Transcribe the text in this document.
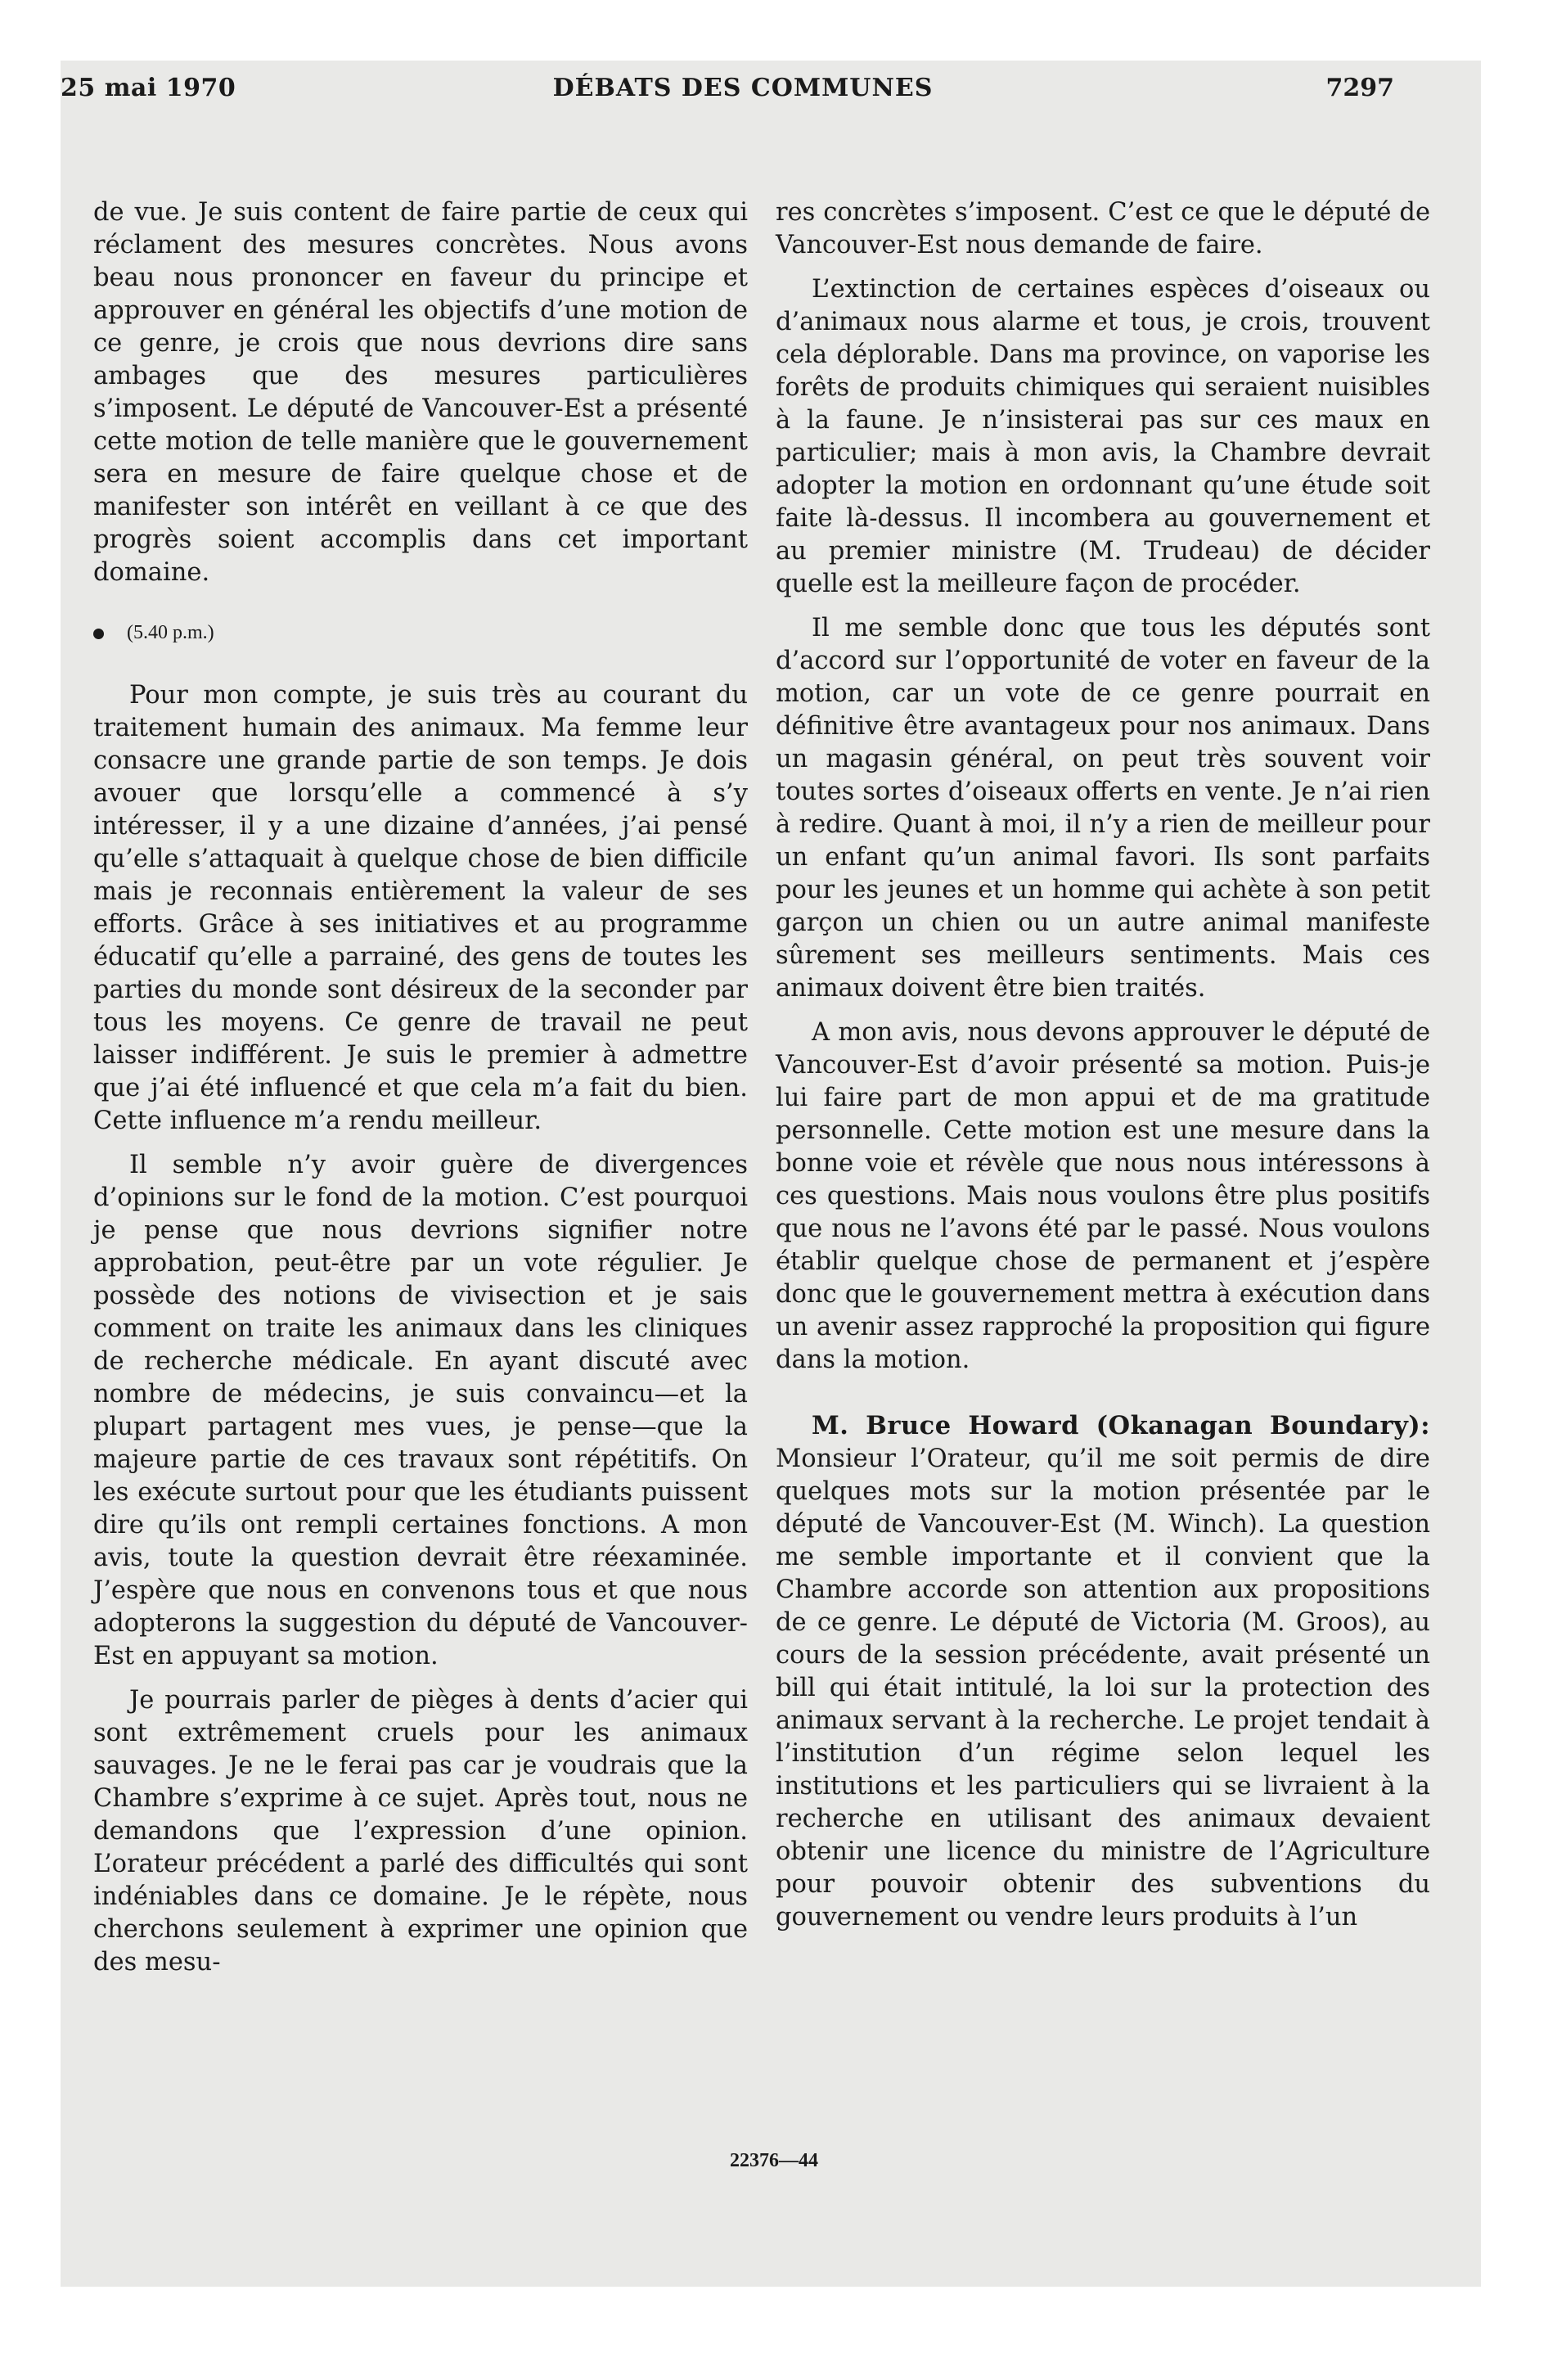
25 mai 1970	DÉBATS DES COMMUNES	7297

de vue. Je suis content de faire partie de ceux qui réclament des mesures concrètes. Nous avons beau nous prononcer en faveur du principe et approuver en général les objectifs d’une motion de ce genre, je crois que nous devrions dire sans ambages que des mesures particulières s’imposent. Le député de Vancouver-Est a présenté cette motion de telle manière que le gouvernement sera en mesure de faire quelque chose et de manifester son intérêt en veillant à ce que des progrès soient accomplis dans cet important domaine.

(5.40 p.m.)

Pour mon compte, je suis très au courant du traitement humain des animaux. Ma femme leur consacre une grande partie de son temps. Je dois avouer que lorsqu’elle a commencé à s’y intéresser, il y a une dizaine d’années, j’ai pensé qu’elle s’attaquait à quelque chose de bien difficile mais je reconnais entièrement la valeur de ses efforts. Grâce à ses initiatives et au programme éducatif qu’elle a parrainé, des gens de toutes les parties du monde sont désireux de la seconder par tous les moyens. Ce genre de travail ne peut laisser indifférent. Je suis le premier à admettre que j’ai été influencé et que cela m’a fait du bien. Cette influence m’a rendu meilleur.

Il semble n’y avoir guère de divergences d’opinions sur le fond de la motion. C’est pourquoi je pense que nous devrions signifier notre approbation, peut-être par un vote régulier. Je possède des notions de vivisection et je sais comment on traite les animaux dans les cliniques de recherche médicale. En ayant discuté avec nombre de médecins, je suis convaincu—et la plupart partagent mes vues, je pense—que la majeure partie de ces travaux sont répétitifs. On les exécute surtout pour que les étudiants puissent dire qu’ils ont rempli certaines fonctions. A mon avis, toute la question devrait être réexaminée. J’espère que nous en convenons tous et que nous adopterons la suggestion du député de Vancouver-Est en appuyant sa motion.

Je pourrais parler de pièges à dents d’acier qui sont extrêmement cruels pour les animaux sauvages. Je ne le ferai pas car je voudrais que la Chambre s’exprime à ce sujet. Après tout, nous ne demandons que l’expression d’une opinion. L’orateur précédent a parlé des difficultés qui sont indéniables dans ce domaine. Je le répète, nous cherchons seulement à exprimer une opinion que des mesu-

res concrètes s’imposent. C’est ce que le député de Vancouver-Est nous demande de faire.

L’extinction de certaines espèces d’oiseaux ou d’animaux nous alarme et tous, je crois, trouvent cela déplorable. Dans ma province, on vaporise les forêts de produits chimiques qui seraient nuisibles à la faune. Je n’insisterai pas sur ces maux en particulier; mais à mon avis, la Chambre devrait adopter la motion en ordonnant qu’une étude soit faite là-dessus. Il incombera au gouvernement et au premier ministre (M. Trudeau) de décider quelle est la meilleure façon de procéder.

Il me semble donc que tous les députés sont d’accord sur l’opportunité de voter en faveur de la motion, car un vote de ce genre pourrait en définitive être avantageux pour nos animaux. Dans un magasin général, on peut très souvent voir toutes sortes d’oiseaux offerts en vente. Je n’ai rien à redire. Quant à moi, il n’y a rien de meilleur pour un enfant qu’un animal favori. Ils sont parfaits pour les jeunes et un homme qui achète à son petit garçon un chien ou un autre animal manifeste sûrement ses meilleurs sentiments. Mais ces animaux doivent être bien traités.

A mon avis, nous devons approuver le député de Vancouver-Est d’avoir présenté sa motion. Puis-je lui faire part de mon appui et de ma gratitude personnelle. Cette motion est une mesure dans la bonne voie et révèle que nous nous intéressons à ces questions. Mais nous voulons être plus positifs que nous ne l’avons été par le passé. Nous voulons établir quelque chose de permanent et j’espère donc que le gouvernement mettra à exécution dans un avenir assez rapproché la proposition qui figure dans la motion.

M. Bruce Howard (Okanagan Boundary): Monsieur l’Orateur, qu’il me soit permis de dire quelques mots sur la motion présentée par le député de Vancouver-Est (M. Winch). La question me semble importante et il convient que la Chambre accorde son attention aux propositions de ce genre. Le député de Victoria (M. Groos), au cours de la session précédente, avait présenté un bill qui était intitulé, la loi sur la protection des animaux servant à la recherche. Le projet tendait à l’institution d’un régime selon lequel les institutions et les particuliers qui se livraient à la recherche en utilisant des animaux devaient obtenir une licence du ministre de l’Agriculture pour pouvoir obtenir des subventions du gouvernement ou vendre leurs produits à l’un

22376—44
